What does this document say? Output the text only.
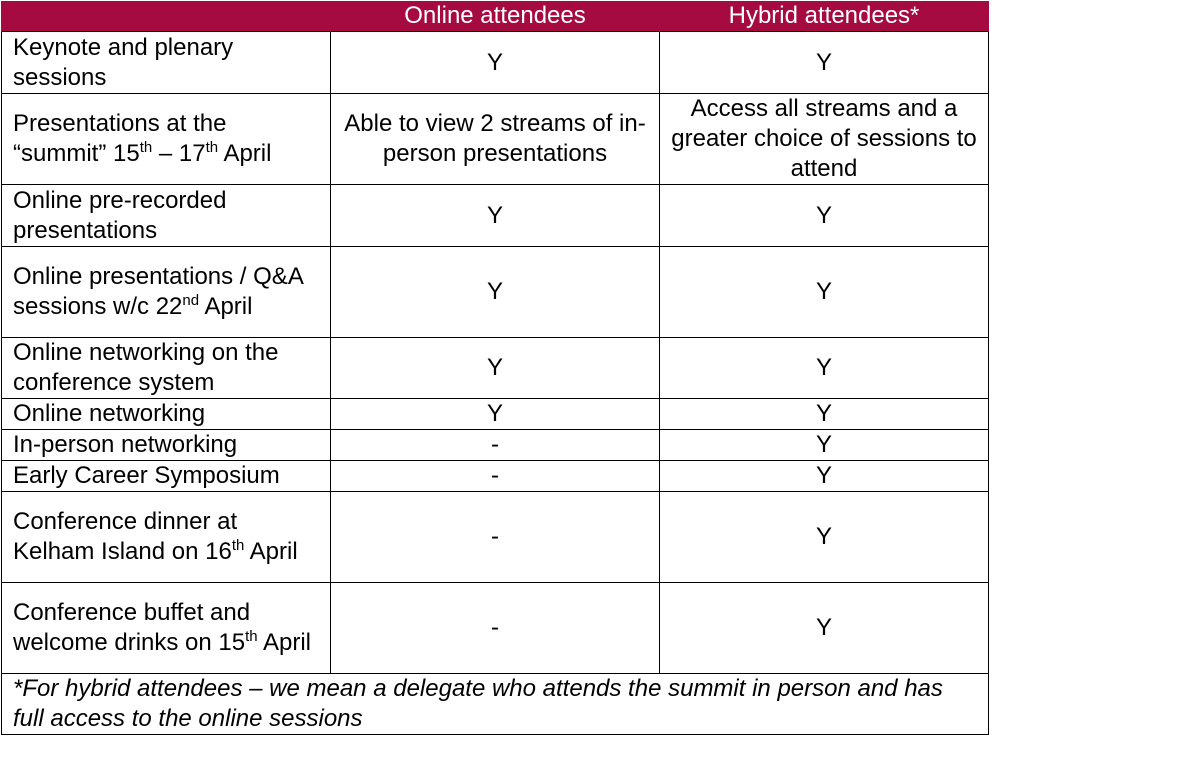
	Online attendees	Hybrid attendees*
Keynote and plenary sessions	Y	Y
Presentations at the “summit” 15th – 17th April	Able to view 2 streams of in-person presentations	Access all streams and a greater choice of sessions to attend
Online pre-recorded presentations	Y	Y
Online presentations / Q&A sessions w/c 22nd April	Y	Y
Online networking on the conference system	Y	Y
Online networking	Y	Y
In-person networking	-	Y
Early Career Symposium	-	Y
Conference dinner at Kelham Island on 16th April	-	Y
Conference buffet and welcome drinks on 15th April	-	Y
*For hybrid attendees – we mean a delegate who attends the summit in person and has full access to the online sessions		
